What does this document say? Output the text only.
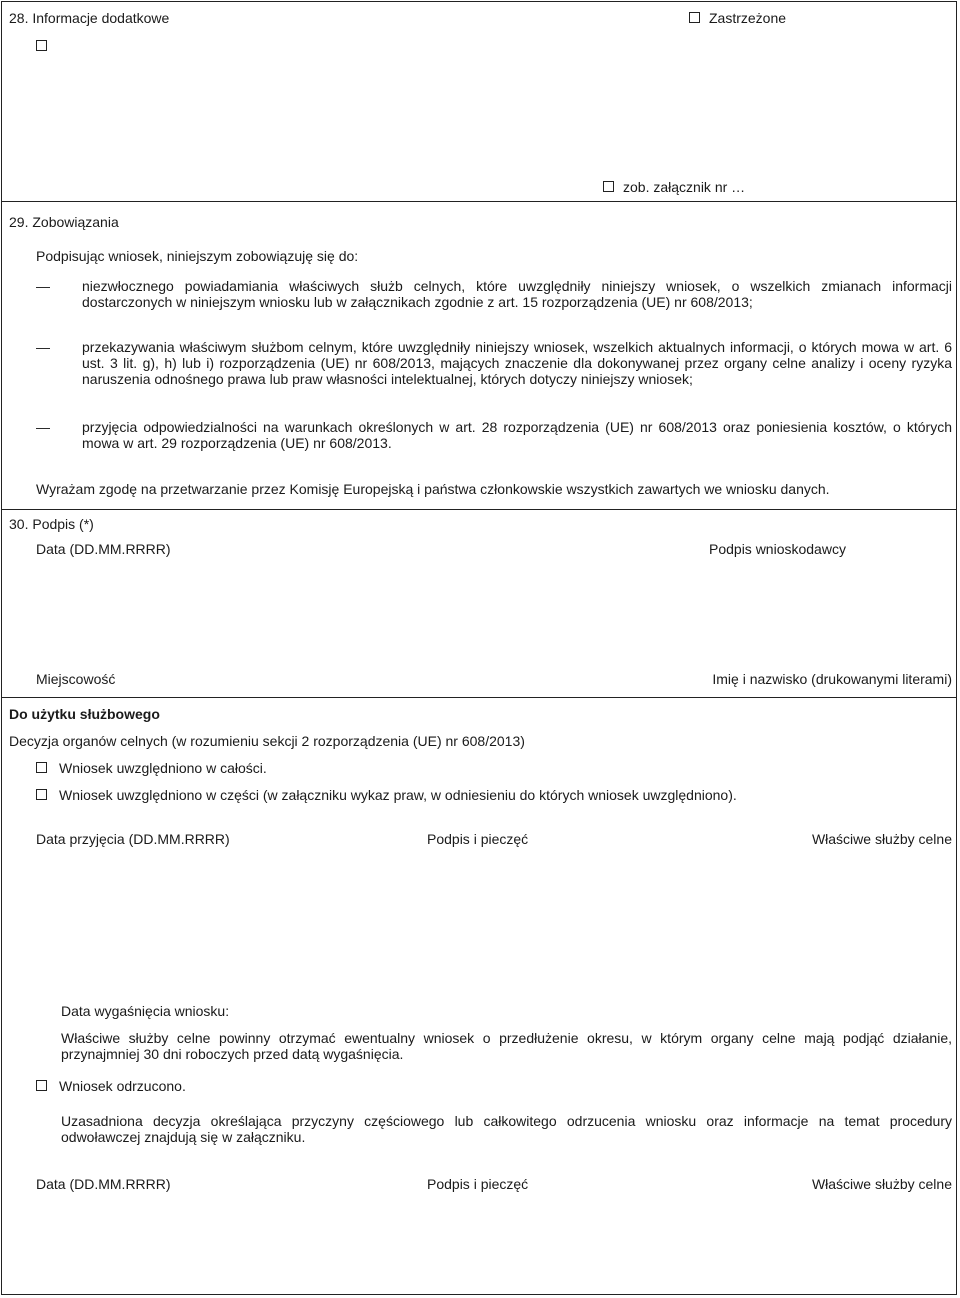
28. Informacje dodatkowe	Zastrzeżone
zob. załącznik nr …
29. Zobowiązania
Podpisując wniosek, niniejszym zobowiązuję się do:
— niezwłocznego powiadamiania właściwych służb celnych, które uwzględniły niniejszy wniosek, o wszelkich zmianach informacji dostarczonych w niniejszym wniosku lub w załącznikach zgodnie z art. 15 rozporządzenia (UE) nr 608/2013;
— przekazywania właściwym służbom celnym, które uwzględniły niniejszy wniosek, wszelkich aktualnych informacji, o których mowa w art. 6 ust. 3 lit. g), h) lub i) rozporządzenia (UE) nr 608/2013, mających znaczenie dla dokonywanej przez organy celne analizy i oceny ryzyka naruszenia odnośnego prawa lub praw własności intelektualnej, których dotyczy niniejszy wniosek;
— przyjęcia odpowiedzialności na warunkach określonych w art. 28 rozporządzenia (UE) nr 608/2013 oraz poniesienia kosztów, o których mowa w art. 29 rozporządzenia (UE) nr 608/2013.
Wyrażam zgodę na przetwarzanie przez Komisję Europejską i państwa członkowskie wszystkich zawartych we wniosku danych.
30. Podpis (*)
Data (DD.MM.RRRR)	Podpis wnioskodawcy
Miejscowość	Imię i nazwisko (drukowanymi literami)
Do użytku służbowego
Decyzja organów celnych (w rozumieniu sekcji 2 rozporządzenia (UE) nr 608/2013)
Wniosek uwzględniono w całości.
Wniosek uwzględniono w części (w załączniku wykaz praw, w odniesieniu do których wniosek uwzględniono).
Data przyjęcia (DD.MM.RRRR)	Podpis i pieczęć	Właściwe służby celne
Data wygaśnięcia wniosku:
Właściwe służby celne powinny otrzymać ewentualny wniosek o przedłużenie okresu, w którym organy celne mają podjąć działanie, przynajmniej 30 dni roboczych przed datą wygaśnięcia.
Wniosek odrzucono.
Uzasadniona decyzja określająca przyczyny częściowego lub całkowitego odrzucenia wniosku oraz informacje na temat procedury odwoławczej znajdują się w załączniku.
Data (DD.MM.RRRR)	Podpis i pieczęć	Właściwe służby celne
